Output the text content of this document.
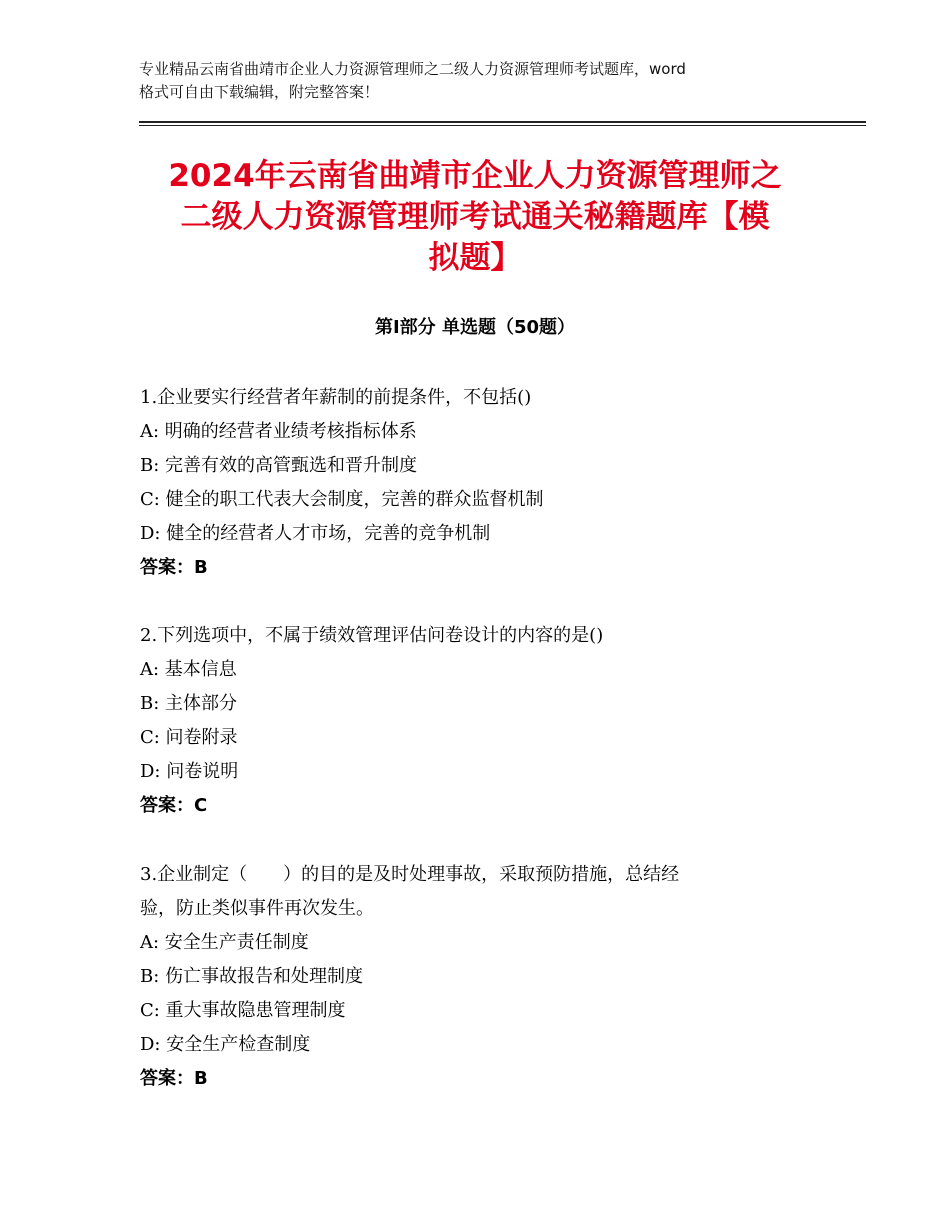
专业精品云南省曲靖市企业人力资源管理师之二级人力资源管理师考试题库，word
格式可自由下载编辑，附完整答案！
2024年云南省曲靖市企业人力资源管理师之
二级人力资源管理师考试通关秘籍题库【模
拟题】
第Ⅰ部分 单选题（50题）
1.企业要实行经营者年薪制的前提条件，不包括()
A: 明确的经营者业绩考核指标体系
B: 完善有效的高管甄选和晋升制度
C: 健全的职工代表大会制度，完善的群众监督机制
D: 健全的经营者人才市场，完善的竞争机制
答案：B
2.下列选项中，不属于绩效管理评估问卷设计的内容的是()
A: 基本信息
B: 主体部分
C: 问卷附录
D: 问卷说明
答案：C
3.企业制定（　　）的目的是及时处理事故，采取预防措施，总结经
验，防止类似事件再次发生。
A: 安全生产责任制度
B: 伤亡事故报告和处理制度
C: 重大事故隐患管理制度
D: 安全生产检查制度
答案：B
